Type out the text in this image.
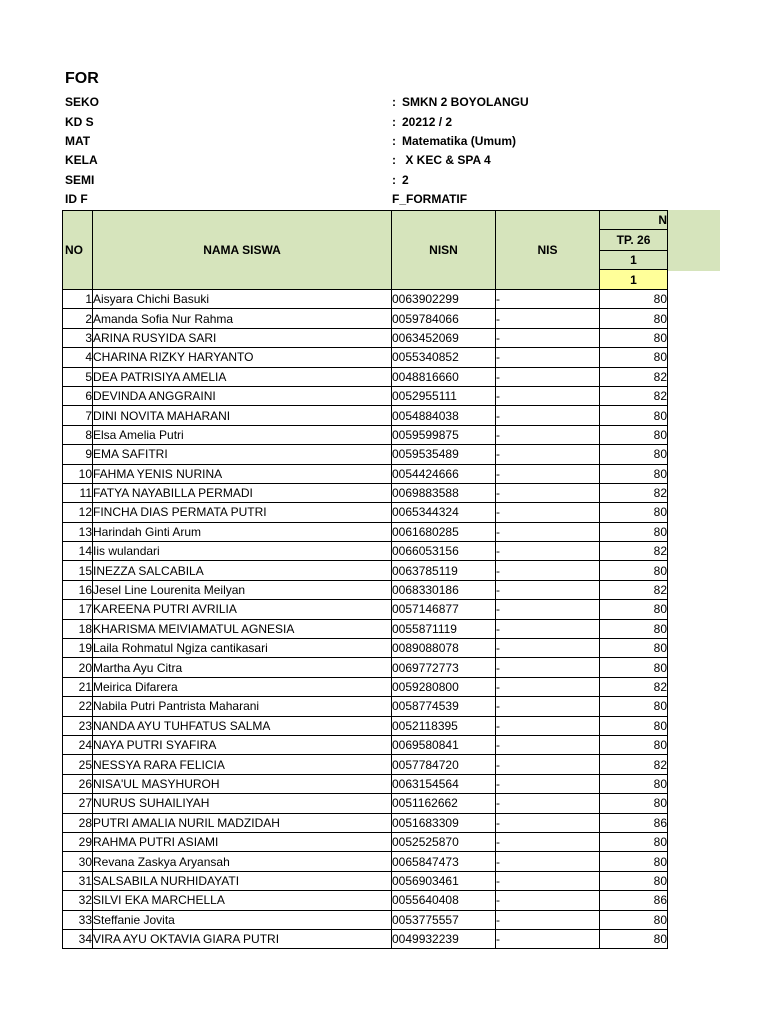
FOR
SEKO	: SMKN 2 BOYOLANGU
KD S	: 20212 / 2
MAT	: Matematika (Umum)
KELA	: X KEC & SPA 4
SEMI	: 2
ID F	F_FORMATIF
NO	NAMA SISWA	NISN	NIS	N
				TP. 26
				1
				1
1	Aisyara Chichi Basuki	0063902299	-	80
2	Amanda Sofia Nur Rahma	0059784066	-	80
3	ARINA RUSYIDA SARI	0063452069	-	80
4	CHARINA RIZKY HARYANTO	0055340852	-	80
5	DEA PATRISIYA AMELIA	0048816660	-	82
6	DEVINDA ANGGRAINI	0052955111	-	82
7	DINI NOVITA MAHARANI	0054884038	-	80
8	Elsa Amelia Putri	0059599875	-	80
9	EMA SAFITRI	0059535489	-	80
10	FAHMA YENIS NURINA	0054424666	-	80
11	FATYA NAYABILLA PERMADI	0069883588	-	82
12	FINCHA DIAS PERMATA PUTRI	0065344324	-	80
13	Harindah Ginti Arum	0061680285	-	80
14	Iis wulandari	0066053156	-	82
15	INEZZA SALCABILA	0063785119	-	80
16	Jesel Line Lourenita Meilyan	0068330186	-	82
17	KAREENA PUTRI AVRILIA	0057146877	-	80
18	KHARISMA MEIVIAMATUL AGNESIA	0055871119	-	80
19	Laila Rohmatul Ngiza cantikasari	0089088078	-	80
20	Martha Ayu Citra	0069772773	-	80
21	Meirica Difarera	0059280800	-	82
22	Nabila Putri Pantrista Maharani	0058774539	-	80
23	NANDA AYU TUHFATUS SALMA	0052118395	-	80
24	NAYA PUTRI SYAFIRA	0069580841	-	80
25	NESSYA RARA FELICIA	0057784720	-	82
26	NISA'UL MASYHUROH	0063154564	-	80
27	NURUS SUHAILIYAH	0051162662	-	80
28	PUTRI AMALIA NURIL MADZIDAH	0051683309	-	86
29	RAHMA PUTRI ASIAMI	0052525870	-	80
30	Revana Zaskya Aryansah	0065847473	-	80
31	SALSABILA NURHIDAYATI	0056903461	-	80
32	SILVI EKA MARCHELLA	0055640408	-	86
33	Steffanie Jovita	0053775557	-	80
34	VIRA AYU OKTAVIA GIARA PUTRI	0049932239	-	80
